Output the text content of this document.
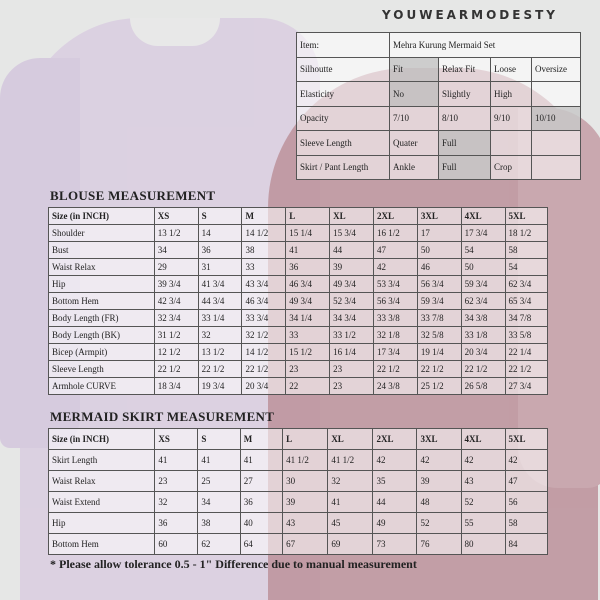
YOUWEARMODESTY
Item:	Mehra Kurung Mermaid Set			
Silhoutte	Fit	Relax Fit	Loose	Oversize
Elasticity	No	Slightly	High	
Opacity	7/10	8/10	9/10	10/10
Sleeve Length	Quater	Full		
Skirt / Pant Length	Ankle	Full	Crop	
BLOUSE MEASUREMENT
Size (in INCH)	XS	S	M	L	XL	2XL	3XL	4XL	5XL
Shoulder	13 1/2	14	14 1/2	15 1/4	15 3/4	16 1/2	17	17 3/4	18 1/2
Bust	34	36	38	41	44	47	50	54	58
Waist Relax	29	31	33	36	39	42	46	50	54
Hip	39 3/4	41 3/4	43 3/4	46 3/4	49 3/4	53 3/4	56 3/4	59 3/4	62 3/4
Bottom Hem	42 3/4	44 3/4	46 3/4	49 3/4	52 3/4	56 3/4	59 3/4	62 3/4	65 3/4
Body Length (FR)	32 3/4	33 1/4	33 3/4	34 1/4	34 3/4	33 3/8	33 7/8	34 3/8	34 7/8
Body Length (BK)	31 1/2	32	32 1/2	33	33 1/2	32 1/8	32 5/8	33 1/8	33 5/8
Bicep (Armpit)	12 1/2	13 1/2	14 1/2	15 1/2	16 1/4	17 3/4	19 1/4	20 3/4	22 1/4
Sleeve Length	22 1/2	22 1/2	22 1/2	23	23	22 1/2	22 1/2	22 1/2	22 1/2
Armhole CURVE	18 3/4	19 3/4	20 3/4	22	23	24 3/8	25 1/2	26 5/8	27 3/4
MERMAID SKIRT MEASUREMENT
Size (in INCH)	XS	S	M	L	XL	2XL	3XL	4XL	5XL
Skirt Length	41	41	41	41 1/2	41 1/2	42	42	42	42
Waist Relax	23	25	27	30	32	35	39	43	47
Waist Extend	32	34	36	39	41	44	48	52	56
Hip	36	38	40	43	45	49	52	55	58
Bottom Hem	60	62	64	67	69	73	76	80	84
* Please allow tolerance 0.5 - 1" Difference due to manual measurement
